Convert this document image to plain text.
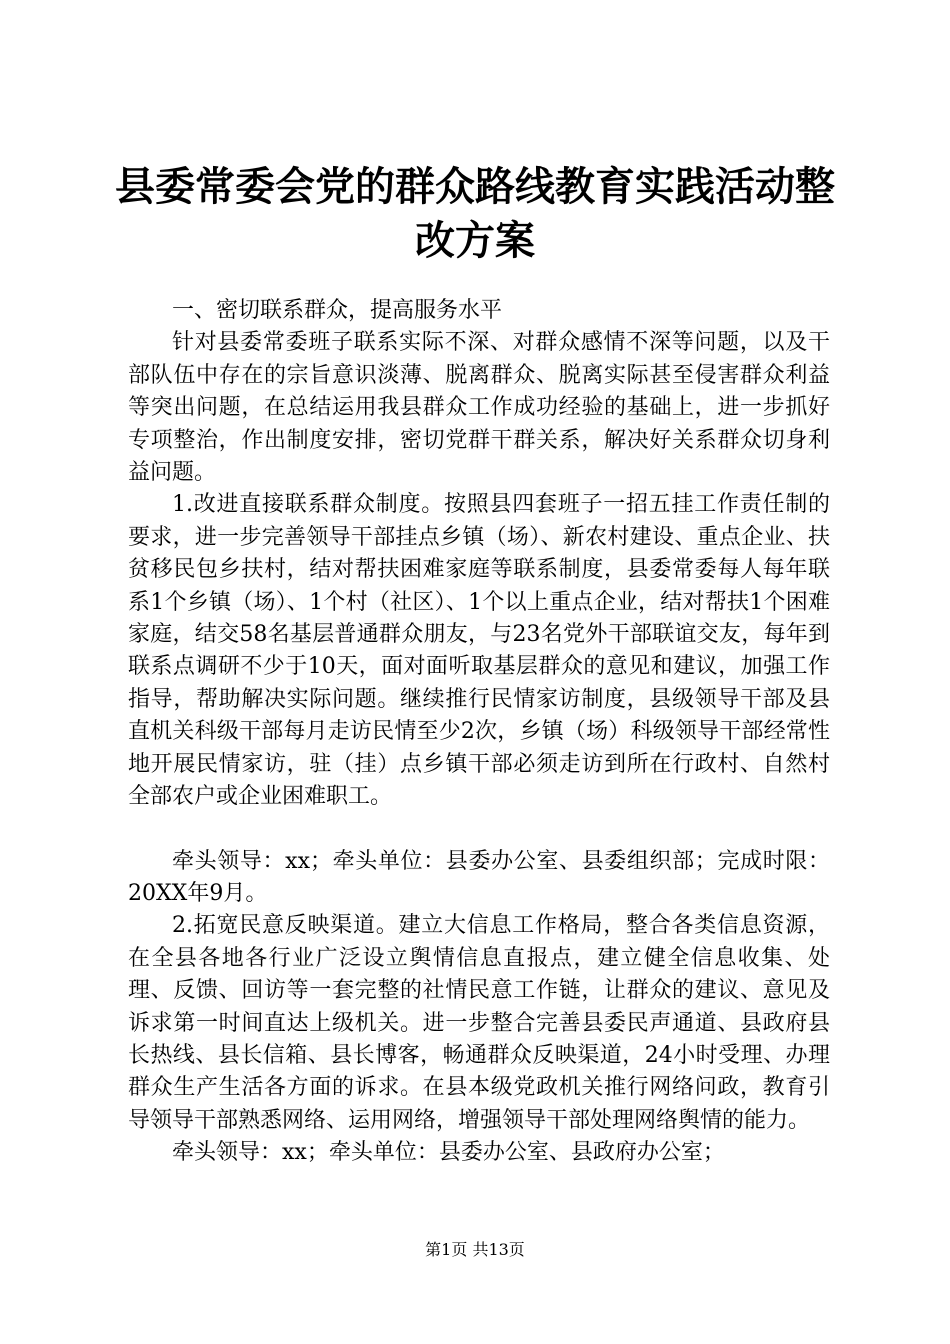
县委常委会党的群众路线教育实践活动整改方案

一、密切联系群众，提高服务水平

针对县委常委班子联系实际不深、对群众感情不深等问题，以及干部队伍中存在的宗旨意识淡薄、脱离群众、脱离实际甚至侵害群众利益等突出问题，在总结运用我县群众工作成功经验的基础上，进一步抓好专项整治，作出制度安排，密切党群干群关系，解决好关系群众切身利益问题。

1.改进直接联系群众制度。按照县四套班子一招五挂工作责任制的要求，进一步完善领导干部挂点乡镇（场）、新农村建设、重点企业、扶贫移民包乡扶村，结对帮扶困难家庭等联系制度，县委常委每人每年联系1个乡镇（场）、1个村（社区）、1个以上重点企业，结对帮扶1个困难家庭，结交58名基层普通群众朋友，与23名党外干部联谊交友，每年到联系点调研不少于10天，面对面听取基层群众的意见和建议，加强工作指导，帮助解决实际问题。继续推行民情家访制度，县级领导干部及县直机关科级干部每月走访民情至少2次，乡镇（场）科级领导干部经常性地开展民情家访，驻（挂）点乡镇干部必须走访到所在行政村、自然村全部农户或企业困难职工。

牵头领导：xx；牵头单位：县委办公室、县委组织部；完成时限：20XX年9月。

2.拓宽民意反映渠道。建立大信息工作格局，整合各类信息资源，在全县各地各行业广泛设立舆情信息直报点，建立健全信息收集、处理、反馈、回访等一套完整的社情民意工作链，让群众的建议、意见及诉求第一时间直达上级机关。进一步整合完善县委民声通道、县政府县长热线、县长信箱、县长博客，畅通群众反映渠道，24小时受理、办理群众生产生活各方面的诉求。在县本级党政机关推行网络问政，教育引导领导干部熟悉网络、运用网络，增强领导干部处理网络舆情的能力。

牵头领导：xx；牵头单位：县委办公室、县政府办公室；

第1页 共13页
